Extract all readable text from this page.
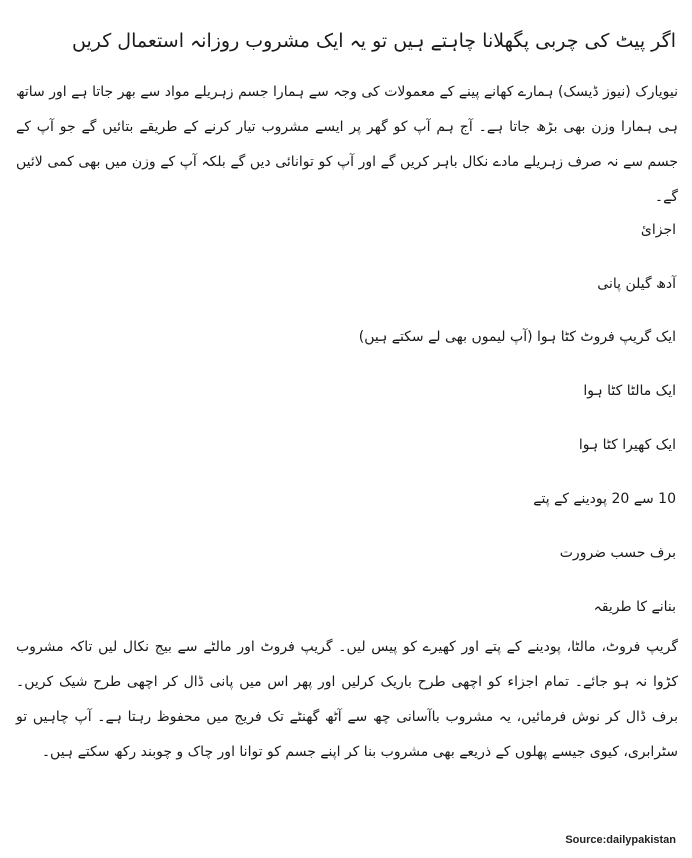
اگر پیٹ کی چربی پگھلانا چاہتے ہیں تو یہ ایک مشروب روزانہ استعمال کریں

نیویارک (نیوز ڈیسک) ہمارے کھانے پینے کے معمولات کی وجہ سے ہمارا جسم زہریلے مواد سے بھر جاتا ہے اور ساتھ ہی ہمارا وزن بھی بڑھ جاتا ہے۔ آج ہم آپ کو گھر پر ایسے مشروب تیار کرنے کے طریقے بتائیں گے جو آپ کے جسم سے نہ صرف زہریلے مادے نکال باہر کریں گے اور آپ کو توانائی دیں گے بلکہ آپ کے وزن میں بھی کمی لائیں گے۔

اجزائ

آدھ گیلن پانی

ایک گریپ فروٹ کٹا ہوا (آپ لیموں بھی لے سکتے ہیں)

ایک مالٹا کٹا ہوا

ایک کھیرا کٹا ہوا

10 سے 20 پودینے کے پتے

برف حسب ضرورت

بنانے کا طریقہ

گریپ فروٹ، مالٹا، پودینے کے پتے اور کھیرے کو پیس لیں۔ گریپ فروٹ اور مالٹے سے بیج نکال لیں تاکہ مشروب کڑوا نہ ہو جائے۔ تمام اجزاء کو اچھی طرح باریک کرلیں اور پھر اس میں پانی ڈال کر اچھی طرح شیک کریں۔ برف ڈال کر نوش فرمائیں، یہ مشروب باآسانی چھ سے آٹھ گھنٹے تک فریج میں محفوظ رہتا ہے۔ آپ چاہیں تو سٹرابری، کیوی جیسے پھلوں کے ذریعے بھی مشروب بنا کر اپنے جسم کو توانا اور چاک و چوبند رکھ سکتے ہیں۔

Source:dailypakistan
